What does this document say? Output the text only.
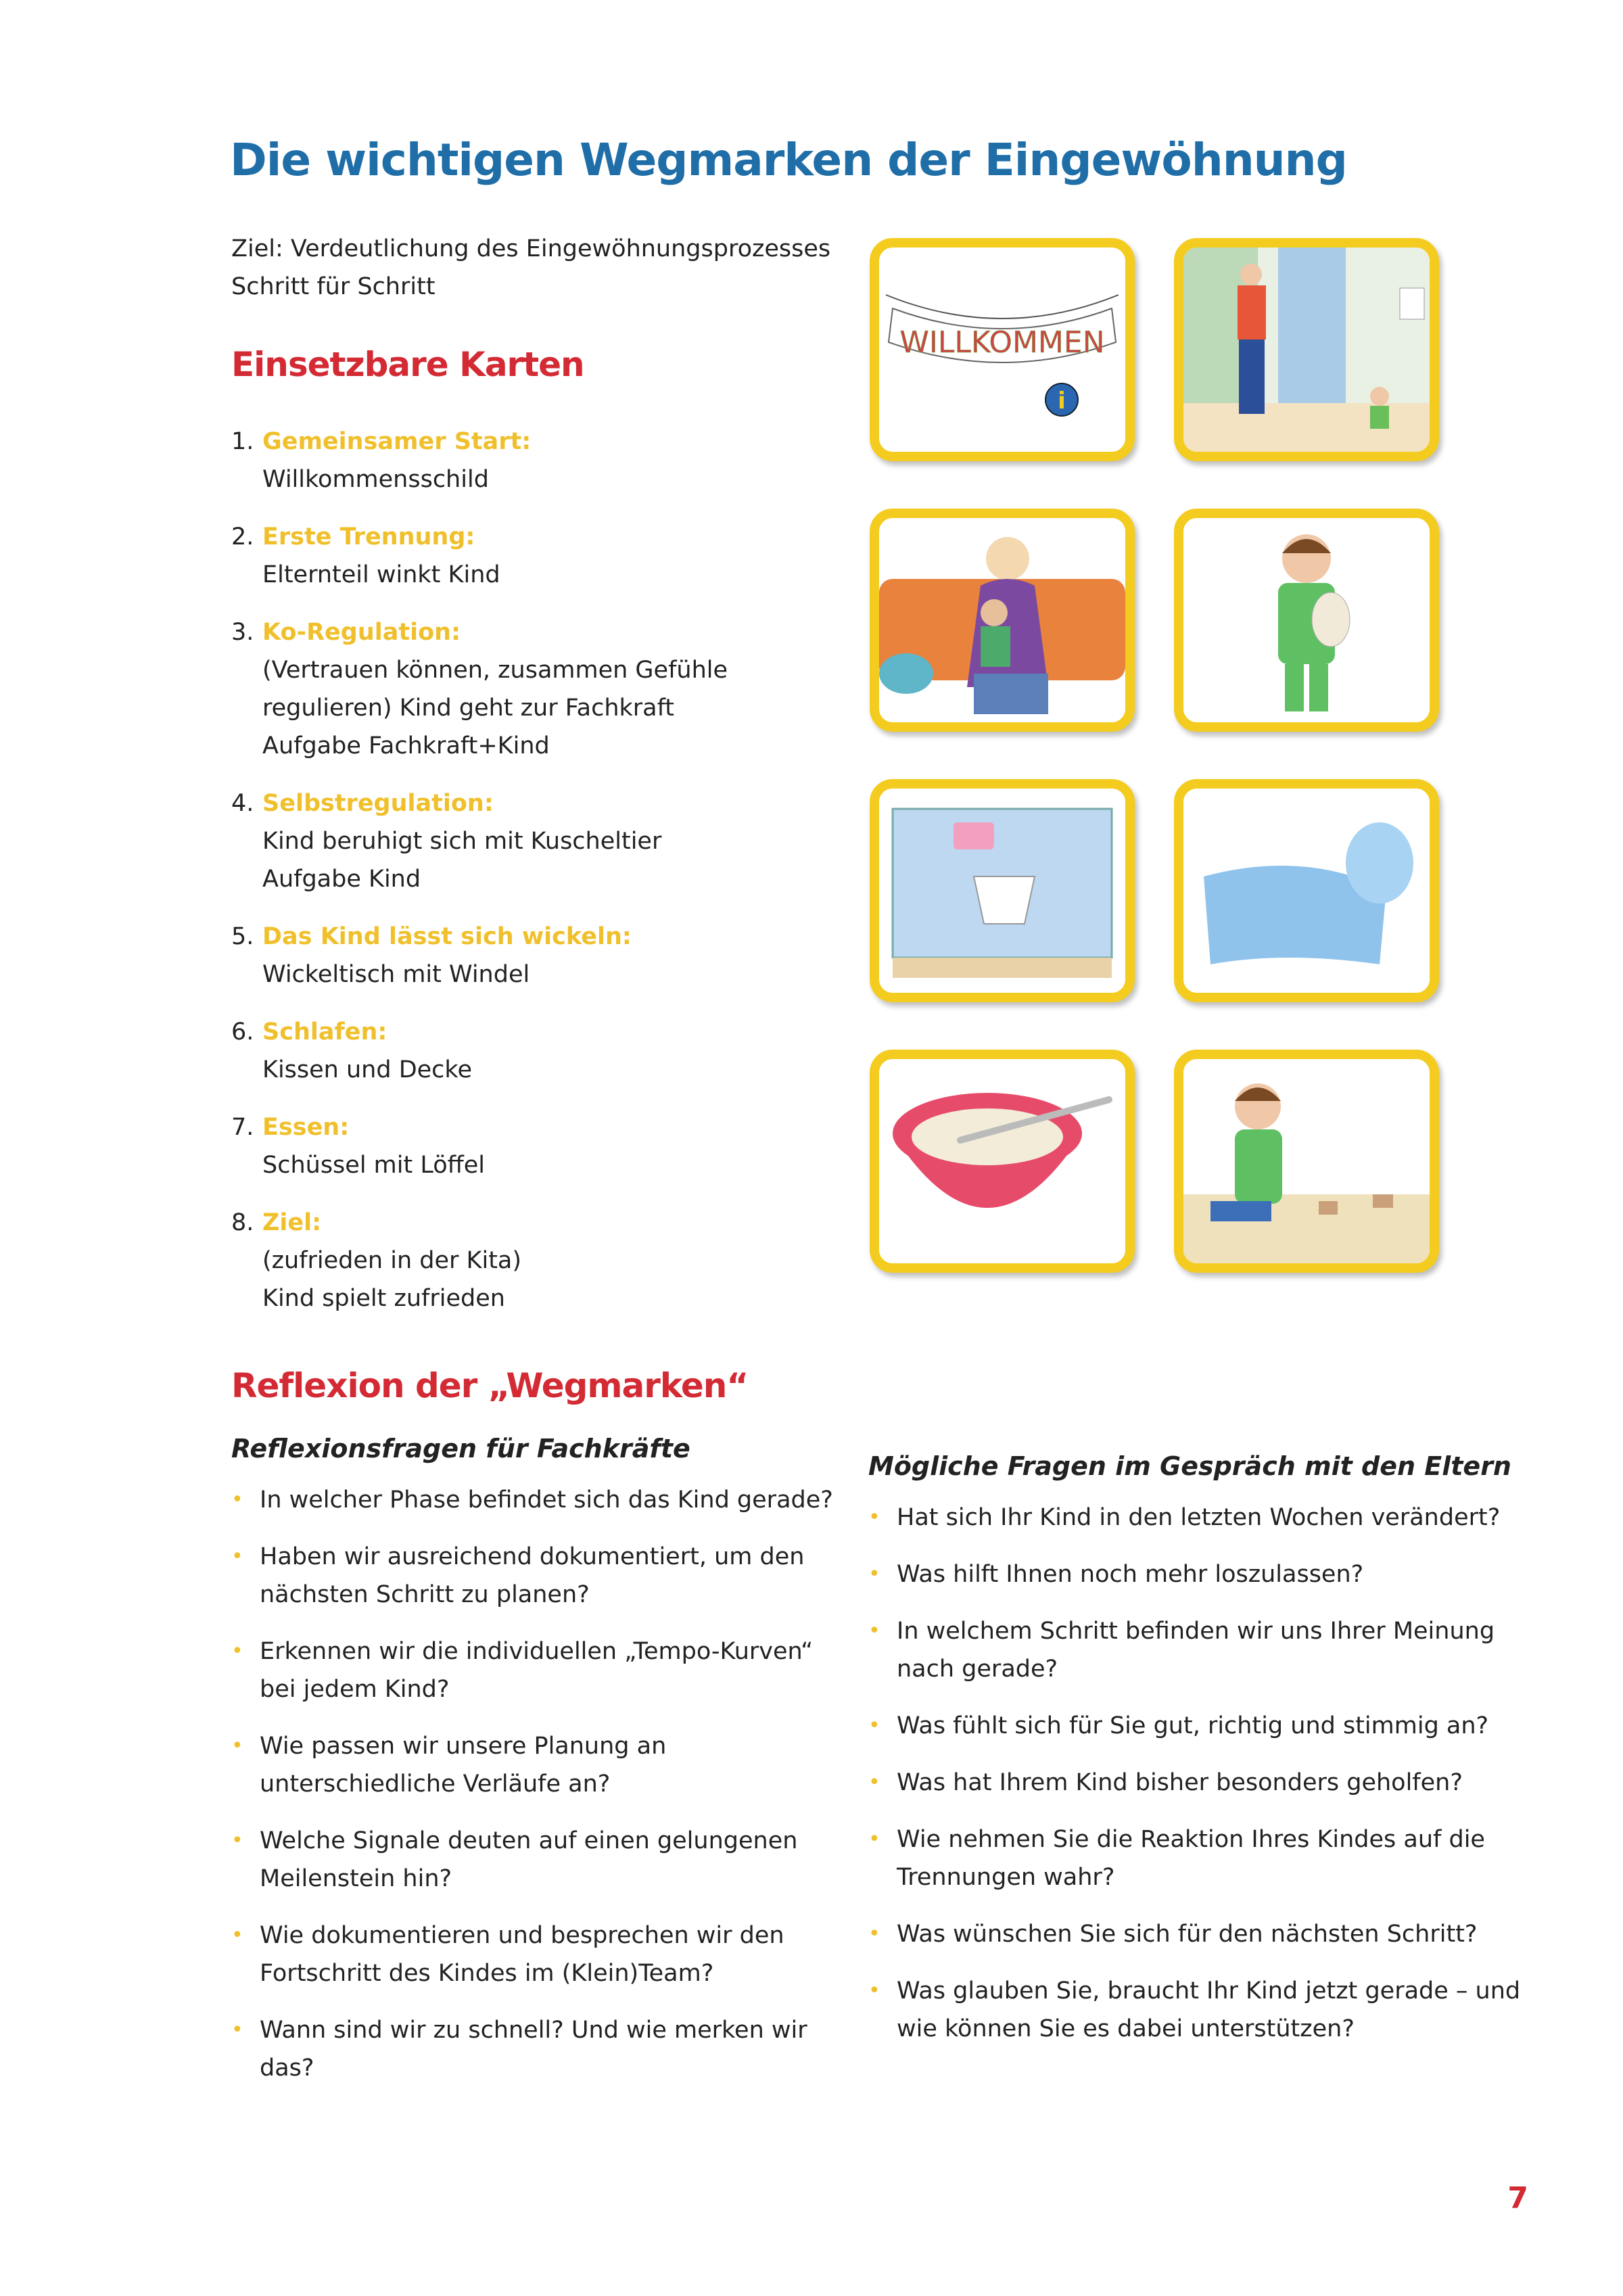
Die wichtigen Wegmarken der Eingewöhnung
Ziel: Verdeutlichung des Eingewöhnungsprozesses
Schritt für Schritt
Einsetzbare Karten
1. Gemeinsamer Start:
Willkommensschild
2. Erste Trennung:
Elternteil winkt Kind
3. Ko-Regulation:
(Vertrauen können, zusammen Gefühle
regulieren) Kind geht zur Fachkraft
Aufgabe Fachkraft+Kind
4. Selbstregulation:
Kind beruhigt sich mit Kuscheltier
Aufgabe Kind
5. Das Kind lässt sich wickeln:
Wickeltisch mit Windel
6. Schlafen:
Kissen und Decke
7. Essen:
Schüssel mit Löffel
8. Ziel:
(zufrieden in der Kita)
Kind spielt zufrieden
WILLKOMMEN
i
Reflexion der „Wegmarken“
Reflexionsfragen für Fachkräfte
• In welcher Phase befindet sich das Kind gerade?
• Haben wir ausreichend dokumentiert, um den nächsten Schritt zu planen?
• Erkennen wir die individuellen „Tempo-Kurven“ bei jedem Kind?
• Wie passen wir unsere Planung an unterschiedliche Verläufe an?
• Welche Signale deuten auf einen gelungenen Meilenstein hin?
• Wie dokumentieren und besprechen wir den Fortschritt des Kindes im (Klein)Team?
• Wann sind wir zu schnell? Und wie merken wir das?
Mögliche Fragen im Gespräch mit den Eltern
• Hat sich Ihr Kind in den letzten Wochen verändert?
• Was hilft Ihnen noch mehr loszulassen?
• In welchem Schritt befinden wir uns Ihrer Meinung nach gerade?
• Was fühlt sich für Sie gut, richtig und stimmig an?
• Was hat Ihrem Kind bisher besonders geholfen?
• Wie nehmen Sie die Reaktion Ihres Kindes auf die Trennungen wahr?
• Was wünschen Sie sich für den nächsten Schritt?
• Was glauben Sie, braucht Ihr Kind jetzt gerade – und wie können Sie es dabei unterstützen?
7
